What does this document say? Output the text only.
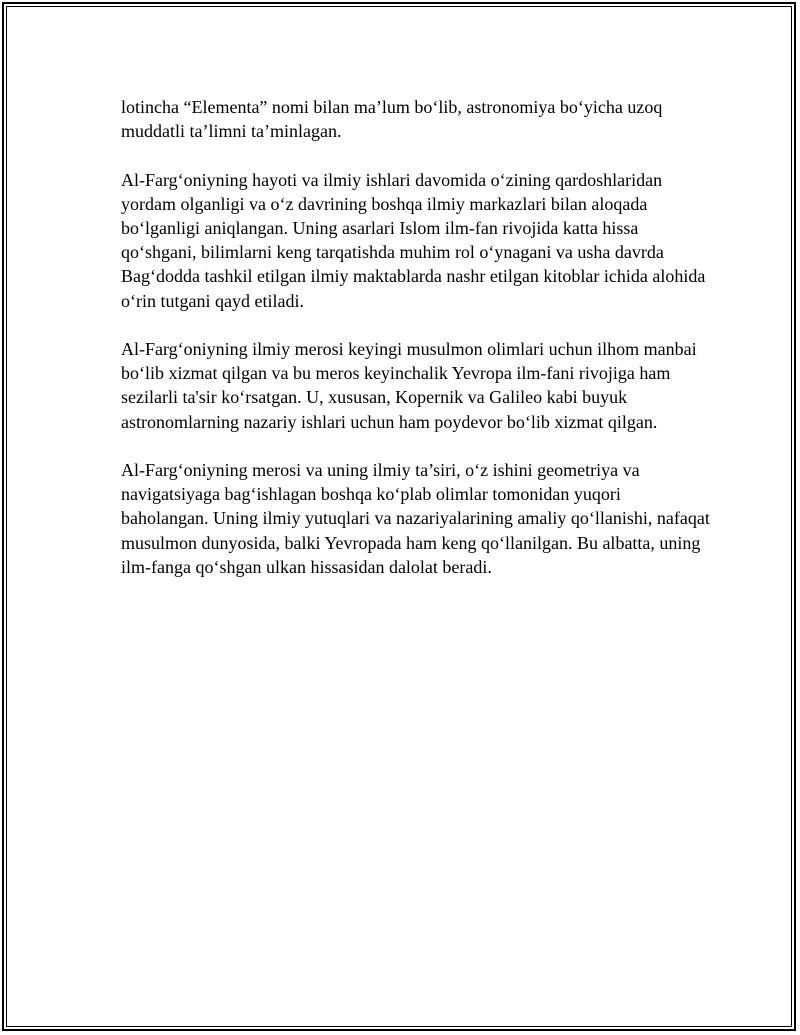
lotincha “Elementa” nomi bilan ma’lum bo‘lib, astronomiya bo‘yicha uzoq muddatli ta’limni ta’minlagan.

Al-Farg‘oniyning hayoti va ilmiy ishlari davomida o‘zining qardoshlaridan yordam olganligi va o‘z davrining boshqa ilmiy markazlari bilan aloqada bo‘lganligi aniqlangan. Uning asarlari Islom ilm-fan rivojida katta hissa qo‘shgani, bilimlarni keng tarqatishda muhim rol o‘ynagani va usha davrda Bag‘dodda tashkil etilgan ilmiy maktablarda nashr etilgan kitoblar ichida alohida o‘rin tutgani qayd etiladi.

Al-Farg‘oniyning ilmiy merosi keyingi musulmon olimlari uchun ilhom manbai bo‘lib xizmat qilgan va bu meros keyinchalik Yevropa ilm-fani rivojiga ham sezilarli ta'sir ko‘rsatgan. U, xususan, Kopernik va Galileo kabi buyuk astronomlarning nazariy ishlari uchun ham poydevor bo‘lib xizmat qilgan.

Al-Farg‘oniyning merosi va uning ilmiy ta’siri, o‘z ishini geometriya va navigatsiyaga bag‘ishlagan boshqa ko‘plab olimlar tomonidan yuqori baholangan. Uning ilmiy yutuqlari va nazariyalarining amaliy qo‘llanishi, nafaqat musulmon dunyosida, balki Yevropada ham keng qo‘llanilgan. Bu albatta, uning ilm-fanga qo‘shgan ulkan hissasidan dalolat beradi.
